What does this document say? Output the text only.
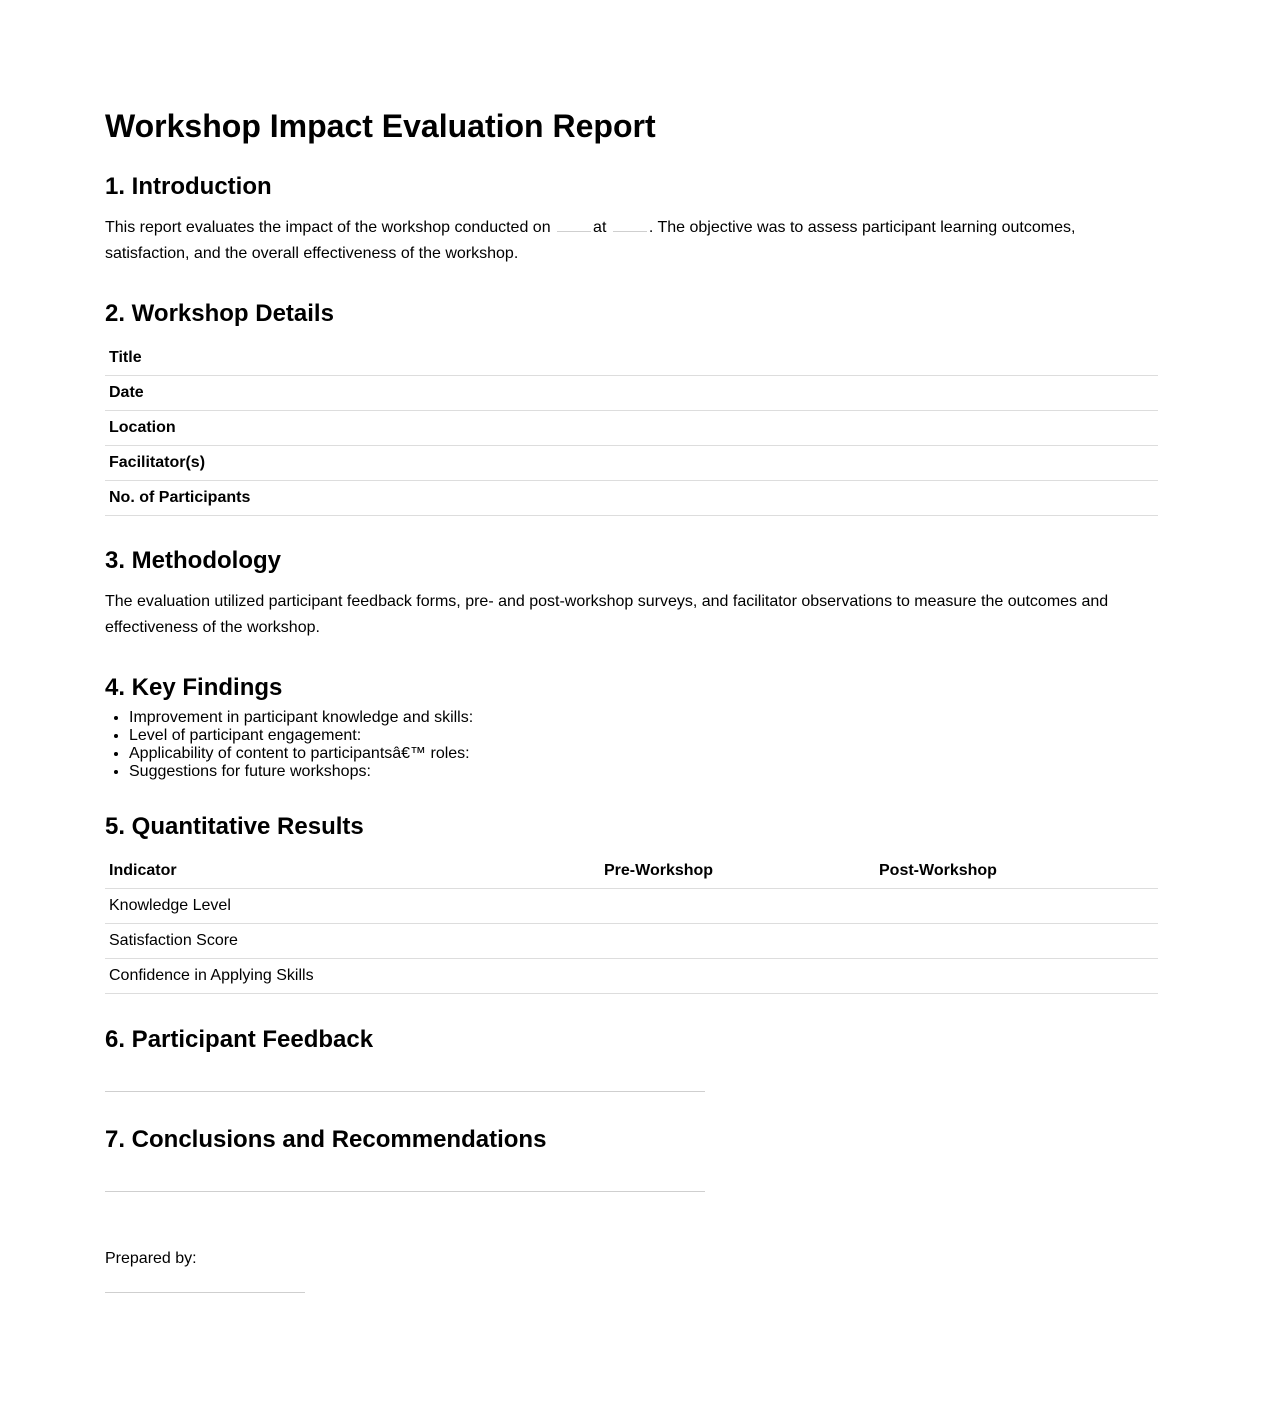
Workshop Impact Evaluation Report
1. Introduction

This report evaluates the impact of the workshop conducted on	at	. The objective was to assess participant learning outcomes, satisfaction, and the overall effectiveness of the workshop.

2. Workshop Details
Title
Date
Location
Facilitator(s)
No. of Participants
3. Methodology

The evaluation utilized participant feedback forms, pre- and post-workshop surveys, and facilitator observations to measure the outcomes and effectiveness of the workshop.

4. Key Findings
• Improvement in participant knowledge and skills:
• Level of participant engagement:
• Applicability of content to participantsâ€™ roles:
• Suggestions for future workshops:
5. Quantitative Results
Indicator	Pre-Workshop	Post-Workshop
Knowledge Level		
Satisfaction Score		
Confidence in Applying Skills		
6. Participant Feedback
7. Conclusions and Recommendations

Prepared by:
